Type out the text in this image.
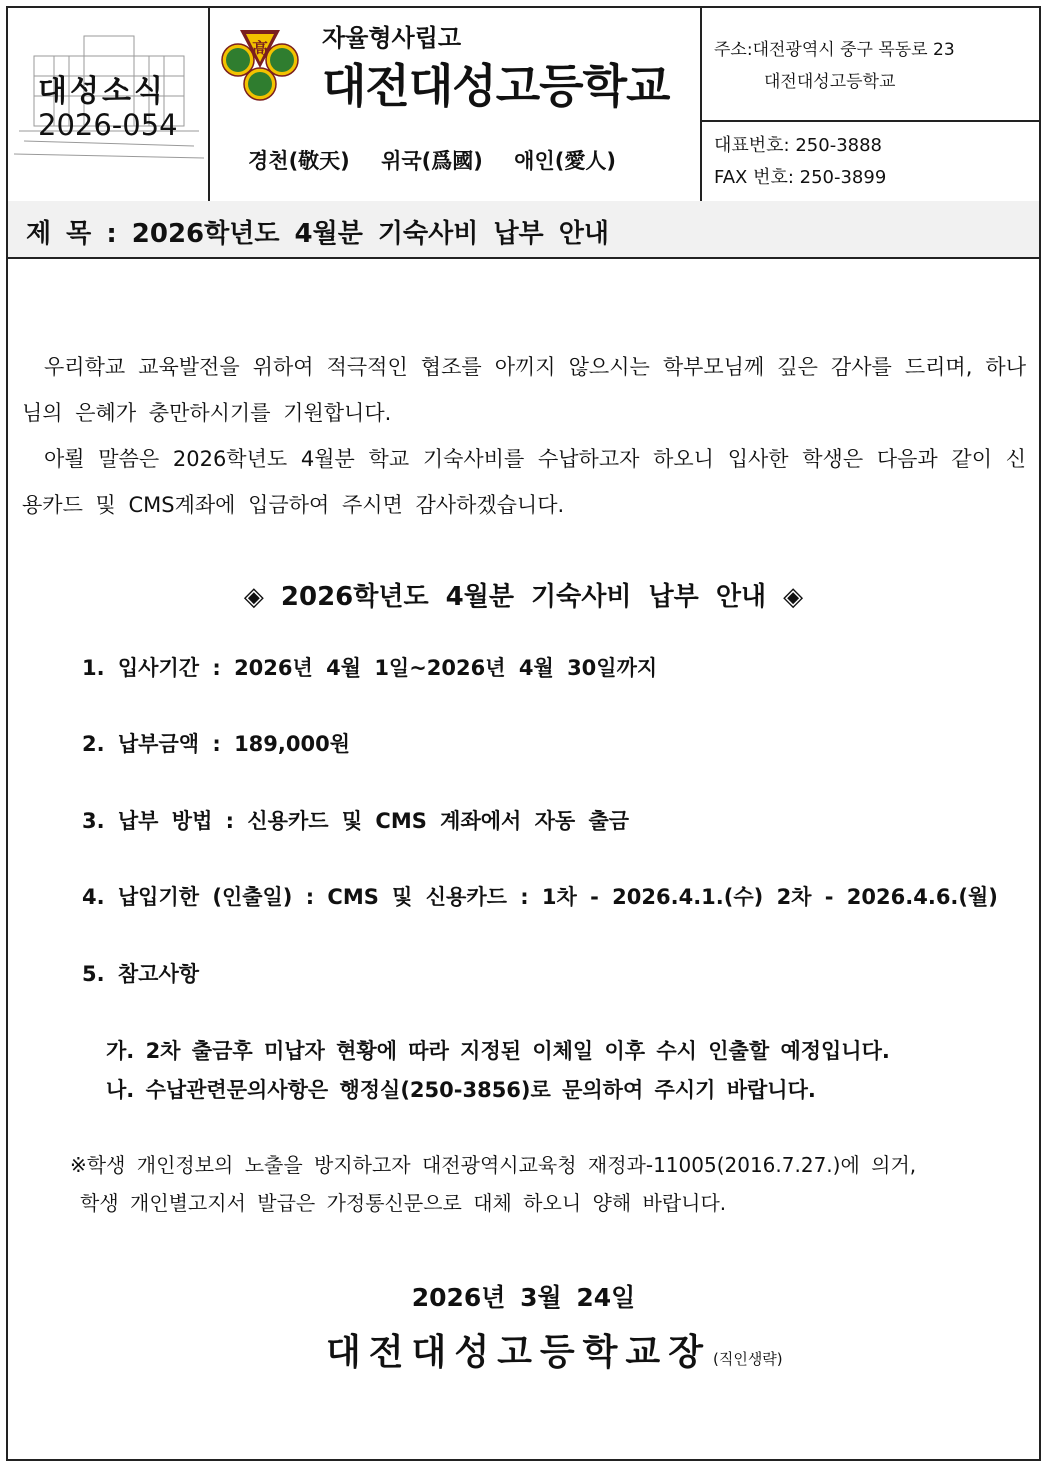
대성소식
2026-054
高 자율형사립고
대전대성고등학교
경천(敬天) 위국(爲國) 애인(愛人)
주소:대전광역시 중구 목동로 23
대전대성고등학교
대표번호: 250-3888
FAX 번호: 250-3899
제 목 : 2026학년도 4월분 기숙사비 납부 안내

우리학교 교육발전을 위하여 적극적인 협조를 아끼지 않으시는 학부모님께 깊은 감사를 드리며, 하나님의 은혜가 충만하시기를 기원합니다.

아뢸 말씀은 2026학년도 4월분 학교 기숙사비를 수납하고자 하오니 입사한 학생은 다음과 같이 신용카드 및 CMS계좌에 입금하여 주시면 감사하겠습니다.

◈ 2026학년도 4월분 기숙사비 납부 안내 ◈
1. 입사기간 : 2026년 4월 1일~2026년 4월 30일까지
2. 납부금액 : 189,000원
3. 납부 방법 : 신용카드 및 CMS 계좌에서 자동 출금
4. 납입기한 (인출일) : CMS 및 신용카드 : 1차 - 2026.4.1.(수) 2차 - 2026.4.6.(월)
5. 참고사항
가. 2차 출금후 미납자 현황에 따라 지정된 이체일 이후 수시 인출할 예정입니다.
나. 수납관련문의사항은 행정실(250-3856)로 문의하여 주시기 바랍니다.
※학생 개인정보의 노출을 방지하고자 대전광역시교육청 재정과-11005(2016.7.27.)에 의거,
학생 개인별고지서 발급은 가정통신문으로 대체 하오니 양해 바랍니다.
2026년 3월 24일
대전대성고등학교장 (직인생략)
